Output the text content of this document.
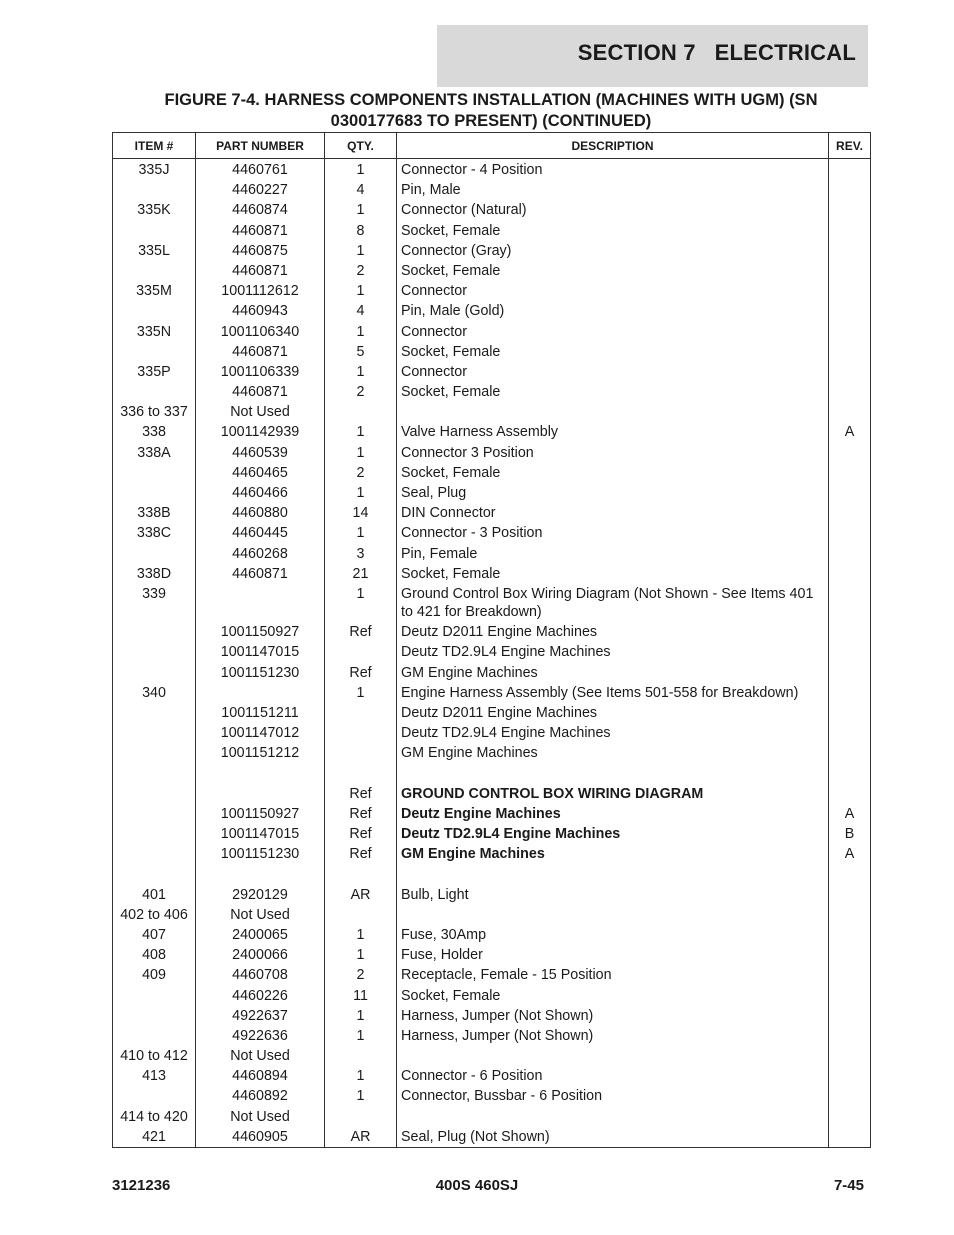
SECTION 7   ELECTRICAL
FIGURE 7-4. HARNESS COMPONENTS INSTALLATION (MACHINES WITH UGM) (SN
0300177683 TO PRESENT) (CONTINUED)
ITEM #	PART NUMBER	QTY.	DESCRIPTION	REV.
335J	4460761	1	Connector - 4 Position	
	4460227	4	Pin, Male	
335K	4460874	1	Connector (Natural)	
	4460871	8	Socket, Female	
335L	4460875	1	Connector (Gray)	
	4460871	2	Socket, Female	
335M	1001112612	1	Connector	
	4460943	4	Pin, Male (Gold)	
335N	1001106340	1	Connector	
	4460871	5	Socket, Female	
335P	1001106339	1	Connector	
	4460871	2	Socket, Female	
336 to 337	Not Used			
338	1001142939	1	Valve Harness Assembly	A
338A	4460539	1	Connector 3 Position	
	4460465	2	Socket, Female	
	4460466	1	Seal, Plug	
338B	4460880	14	DIN Connector	
338C	4460445	1	Connector - 3 Position	
	4460268	3	Pin, Female	
338D	4460871	21	Socket, Female	
339		1	Ground Control Box Wiring Diagram (Not Shown - See Items 401 to 421 for Breakdown)	
	1001150927	Ref	Deutz D2011 Engine Machines	
	1001147015		Deutz TD2.9L4 Engine Machines	
	1001151230	Ref	GM Engine Machines	
340		1	Engine Harness Assembly (See Items 501-558 for Breakdown)	
	1001151211		Deutz D2011 Engine Machines	
	1001147012		Deutz TD2.9L4 Engine Machines	
	1001151212		GM Engine Machines	

		Ref	GROUND CONTROL BOX WIRING DIAGRAM	
	1001150927	Ref	Deutz Engine Machines	A
	1001147015	Ref	Deutz TD2.9L4 Engine Machines	B
	1001151230	Ref	GM Engine Machines	A

401	2920129	AR	Bulb, Light	
402 to 406	Not Used			
407	2400065	1	Fuse, 30Amp	
408	2400066	1	Fuse, Holder	
409	4460708	2	Receptacle, Female - 15 Position	
	4460226	11	Socket, Female	
	4922637	1	Harness, Jumper (Not Shown)	
	4922636	1	Harness, Jumper (Not Shown)	
410 to 412	Not Used			
413	4460894	1	Connector - 6 Position	
	4460892	1	Connector, Bussbar - 6 Position	
414 to 420	Not Used			
421	4460905	AR	Seal, Plug (Not Shown)	
3121236	400S 460SJ	7-45
